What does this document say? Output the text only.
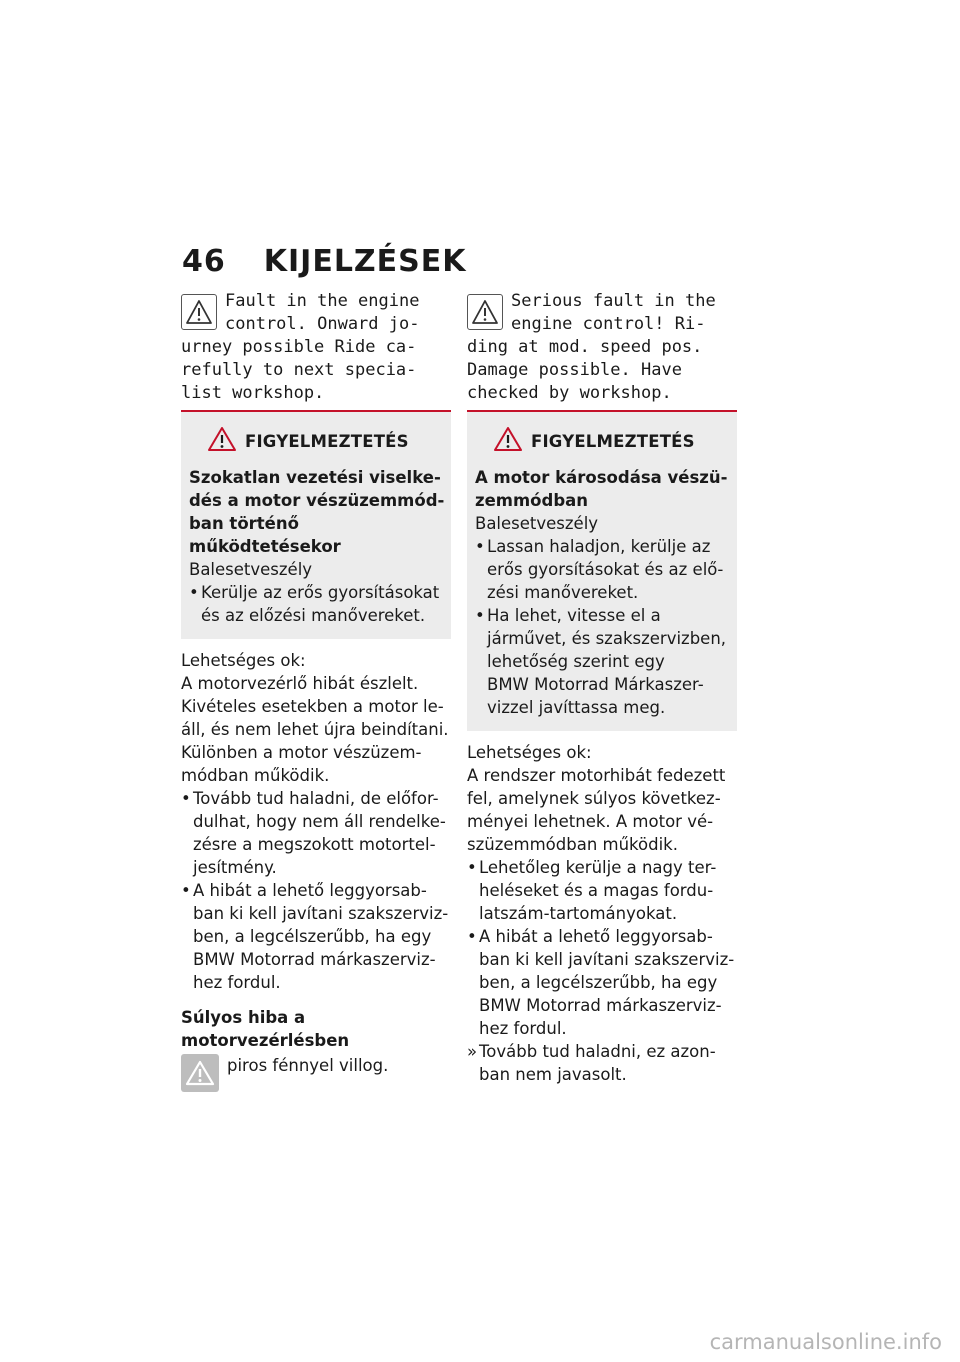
46 KIJELZÉSEK
Fault in the engine
control. Onward jo-
urney possible Ride ca-
refully to next specia-
list workshop.
FIGYELMEZTETÉS
Szokatlan vezetési viselke-
dés a motor vészüzemmód-
ban történő működtetésekor
Balesetveszély
• Kerülje az erős gyorsításokat
és az előzési manővereket.
Lehetséges ok:
A motorvezérlő hibát észlelt.
Kivételes esetekben a motor le-
áll, és nem lehet újra beindítani.
Különben a motor vészüzem-
módban működik.
• Tovább tud haladni, de előfor-
dulhat, hogy nem áll rendelke-
zésre a megszokott motortel-
jesítmény.
• A hibát a lehető leggyorsab-
ban ki kell javítani szakszerviz-
ben, a legcélszerűbb, ha egy
BMW Motorrad márkaszerviz-
hez fordul.
Súlyos hiba a
motorvezérlésben
piros fénnyel villog.
Serious fault in the
engine control! Ri-
ding at mod. speed pos.
Damage possible. Have
checked by workshop.
FIGYELMEZTETÉS
A motor károsodása vészü-
zemmódban
Balesetveszély
• Lassan haladjon, kerülje az
erős gyorsításokat és az elő-
zési manővereket.
• Ha lehet, vitesse el a
járművet, és szakszervizben,
lehetőség szerint egy
BMW Motorrad Márkaszer-
vizzel javíttassa meg.
Lehetséges ok:
A rendszer motorhibát fedezett
fel, amelynek súlyos következ-
ményei lehetnek. A motor vé-
szüzemmódban működik.
• Lehetőleg kerülje a nagy ter-
heléseket és a magas fordu-
latszám-tartományokat.
• A hibát a lehető leggyorsab-
ban ki kell javítani szakszerviz-
ben, a legcélszerűbb, ha egy
BMW Motorrad márkaszerviz-
hez fordul.
» Tovább tud haladni, ez azon-
ban nem javasolt.
carmanualsonline.info
